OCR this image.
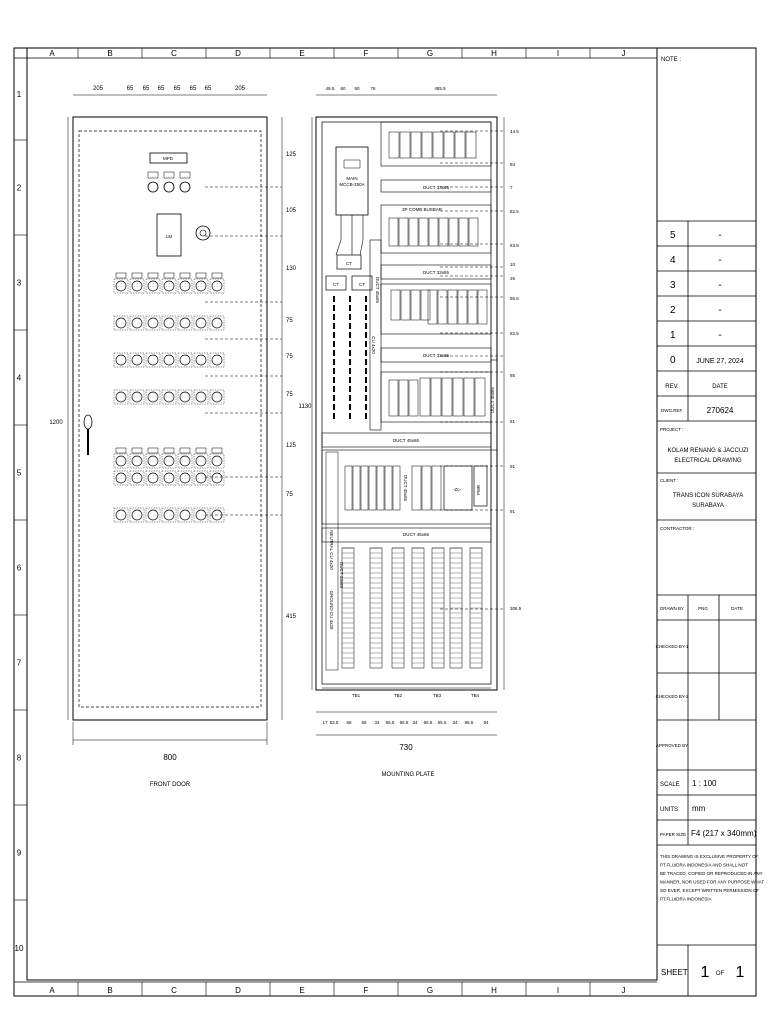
A
A
B
B
C
C
D
D
E
E
F
F
G
G
H
H
I
I
J
J
1
2
3
4
5
6
7
8
9
10
800
FRONT DOOR
1200
MPD
LM
205	65 65 65 65 65 65	205
125
105
130
75
75
75
125
75
415
730
MOUNTING PLATE
1130
MAIN MCCB-250A
CT
CT	CT
3P COMB BUSBAR
DUCT 33x65
DUCT 33x65
DUCT 33x65
DUCT 45x65
DUCT 45x65
-Zc-	PMR
DUCT 45x65
CU 4x20
DUCT 45x65
DUCT 45x65
NEUTRAL CU 4x20
GROUND CU 4x20
DUCT 33x65
TB1	TB2	TB3	TB4
48.5 60 60 76	485.5
44.5
84
7
82.5
63.5
10
26
56.5
82.5
85
91
91
91
306.5
17 53.5 68 68 34 65.5 65.5 34 65.5 65.5 34 65.5 94
NOTE :
5	-
4	-
3	-
2	-
1	-
0	JUNE 27, 2024
REV.	DATE
DWG.REF.	270624
PROJECT :
KOLAM RENANG & JACCUZI
ELECTRICAL DRAWING
CLIENT :
TRANS ICON SURABAYA
SURABAYA
CONTRACTOR :
DRAWN BY	PNG	DATE
CHECKED BY-1
CHECKED BY-2
APPROVED BY
SCALE 1 : 100
UNITS mm
PAPER SIZE F4 (217 x 340mm)
THIS DRAWING IS EXCLUSIVE PROPERTY OF
PT.FLUIDRA INDONESIA AND SHALL NOT
BE TRACED, COPIED OR REPRODUCED IN ANY
MANNER, NOR USED FOR ANY PURPOSE WHAT
SO EVER, EXCEPT WRITTEN PERMISSION OF
PT.FLUIDRA INDONESIA
SHEET 1 OF 1
